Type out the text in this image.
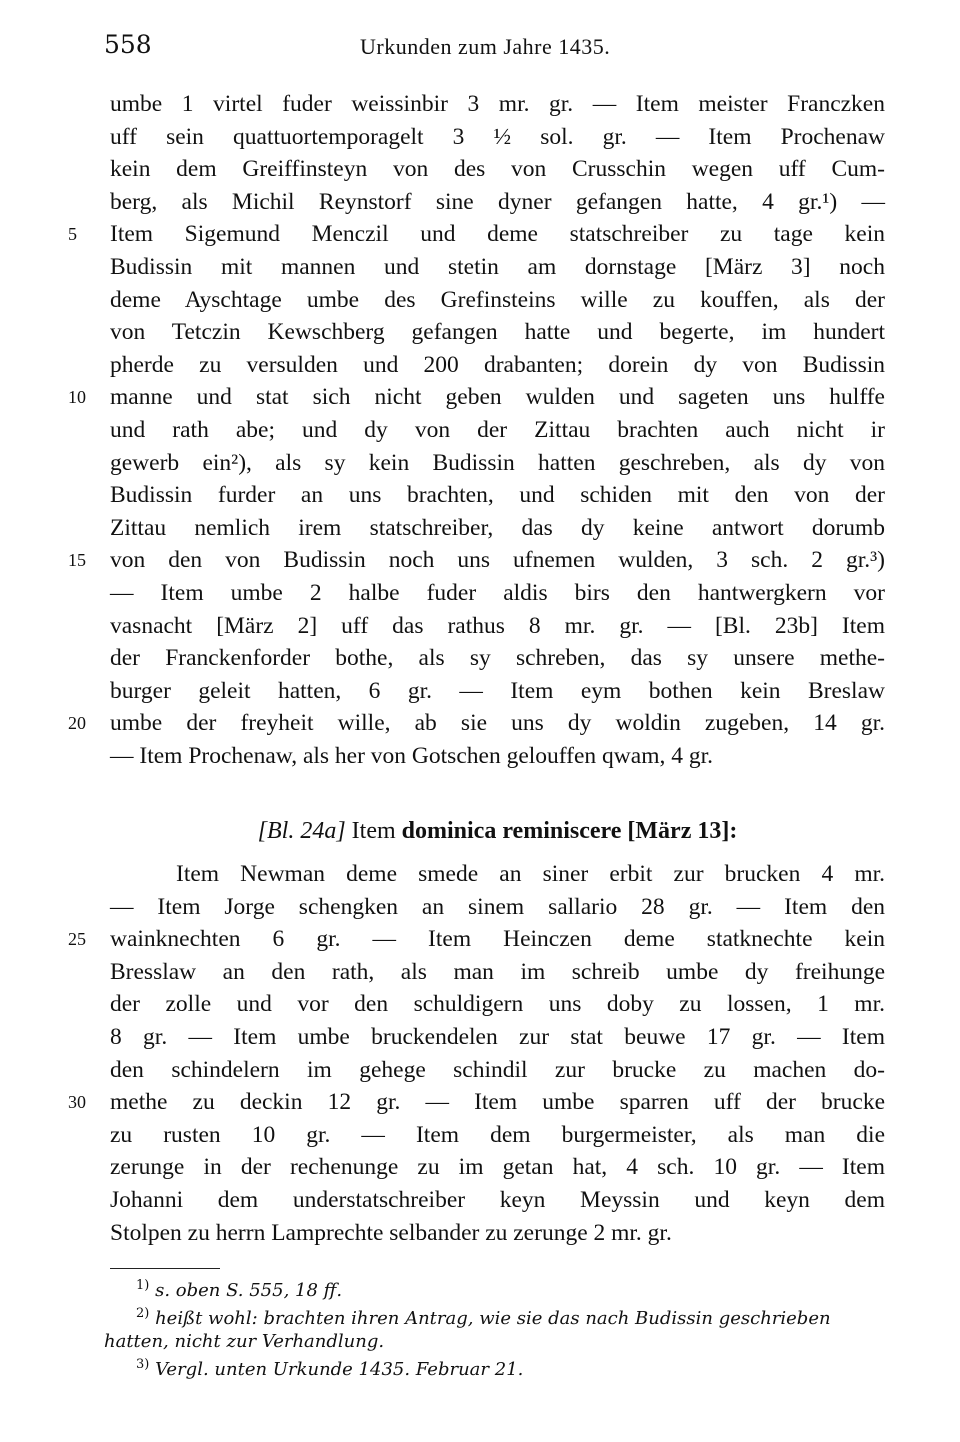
558	Urkunden zum Jahre 1435.
umbe 1 virtel fuder weissinbir 3 mr. gr. — Item meister Franczken
uff sein quattuortemporagelt 3 ½ sol. gr. — Item Prochenaw
kein dem Greiffinsteyn von des von Crusschin wegen uff Cum-
berg, als Michil Reynstorf sine dyner gefangen hatte, 4 gr.¹) —
5 Item Sigemund Menczil und deme statschreiber zu tage kein
Budissin mit mannen und stetin am dornstage [März 3] noch
deme Ayschtage umbe des Grefinsteins wille zu kouffen, als der
von Tetczin Kewschberg gefangen hatte und begerte, im hundert
pherde zu versulden und 200 drabanten; dorein dy von Budissin
10 manne und stat sich nicht geben wulden und sageten uns hulffe
und rath abe; und dy von der Zittau brachten auch nicht ir
gewerb ein²), als sy kein Budissin hatten geschreben, als dy von
Budissin furder an uns brachten, und schiden mit den von der
Zittau nemlich irem statschreiber, das dy keine antwort dorumb
15 von den von Budissin noch uns ufnemen wulden, 3 sch. 2 gr.³)
— Item umbe 2 halbe fuder aldis birs den hantwergkern vor
vasnacht [März 2] uff das rathus 8 mr. gr. — [Bl. 23b] Item
der Franckenforder bothe, als sy schreben, das sy unsere methe-
burger geleit hatten, 6 gr. — Item eym bothen kein Breslaw
20 umbe der freyheit wille, ab sie uns dy woldin zugeben, 14 gr.
— Item Prochenaw, als her von Gotschen gelouffen qwam, 4 gr.
[Bl. 24a] Item dominica reminiscere [März 13]:
Item Newman deme smede an siner erbit zur brucken 4 mr.
— Item Jorge schengken an sinem sallario 28 gr. — Item den
25 wainknechten 6 gr. — Item Heinczen deme statknechte kein
Bresslaw an den rath, als man im schreib umbe dy freihunge
der zolle und vor den schuldigern uns doby zu lossen, 1 mr.
8 gr. — Item umbe bruckendelen zur stat beuwe 17 gr. — Item
den schindelern im gehege schindil zur brucke zu machen do-
30 methe zu deckin 12 gr. — Item umbe sparren uff der brucke
zu rusten 10 gr. — Item dem burgermeister, als man die
zerunge in der rechenunge zu im getan hat, 4 sch. 10 gr. — Item
Johanni dem understatschreiber keyn Meyssin und keyn dem
Stolpen zu herrn Lamprechte selbander zu zerunge 2 mr. gr.
$^{1)}$ s. oben S. 555, 18 ff.
$^{2)}$ heißt wohl: brachten ihren Antrag, wie sie das nach Budissin geschrieben
hatten, nicht zur Verhandlung.
$^{3)}$ Vergl. unten Urkunde 1435. Februar 21.
